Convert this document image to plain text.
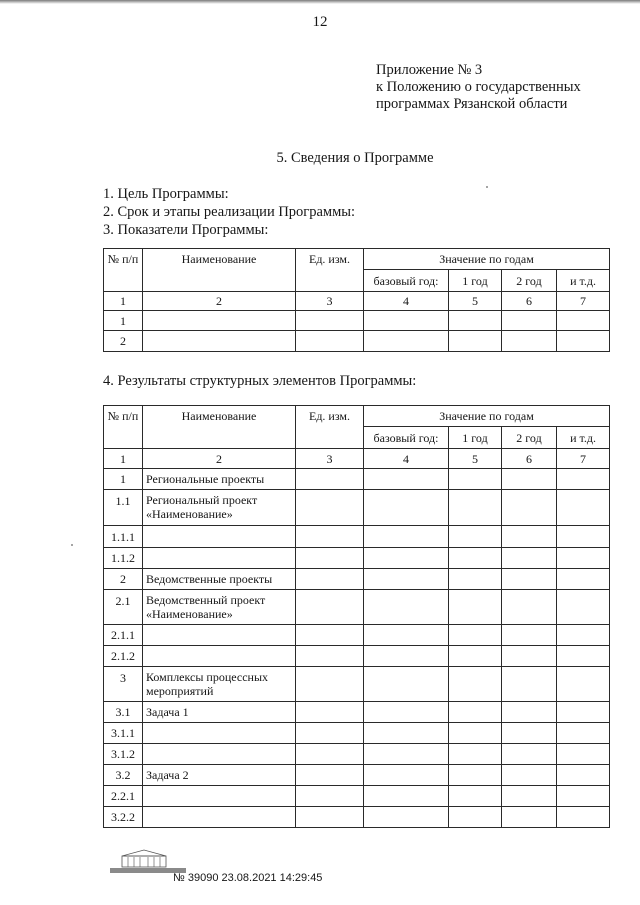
12
Приложение № 3
к Положению о государственных
программах Рязанской области
5. Сведения о Программе
1. Цель Программы:
2. Срок и этапы реализации Программы:
3. Показатели Программы:
№ п/п	Наименование	Ед. изм.	Значение по годам			
			базовый год:	1 год	2 год	и т.д.
1	2	3	4	5	6	7
1						
2						
4. Результаты структурных элементов Программы:
№ п/п	Наименование	Ед. изм.	Значение по годам			
			базовый год:	1 год	2 год	и т.д.
1	2	3	4	5	6	7
1	Региональные проекты					
1.1	Региональный проект «Наименование»					
1.1.1						
1.1.2						
2	Ведомственные проекты					
2.1	Ведомственный проект «Наименование»					
2.1.1						
2.1.2						
3	Комплексы процессных мероприятий					
3.1	Задача 1					
3.1.1						
3.1.2						
3.2	Задача 2					
2.2.1						
3.2.2						
№ 39090 23.08.2021 14:29:45
